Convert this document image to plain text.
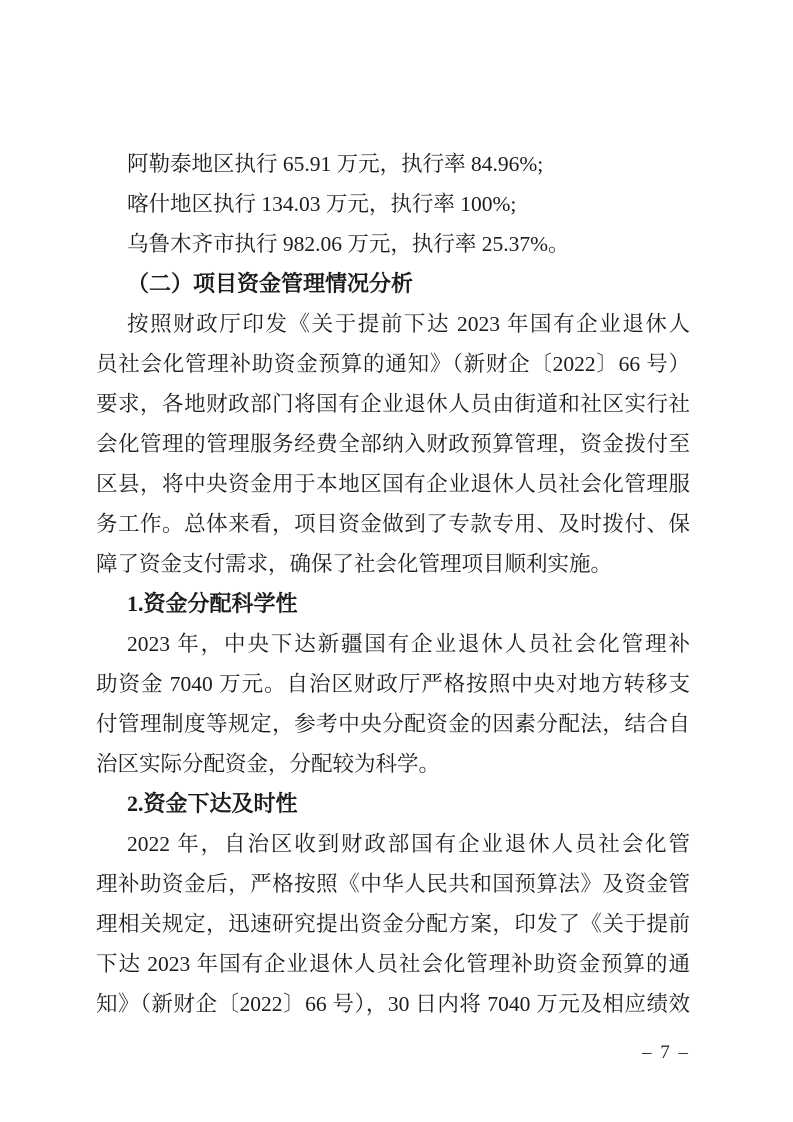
阿勒泰地区执行 65.91 万元，执行率 84.96%;
喀什地区执行 134.03 万元，执行率 100%;
乌鲁木齐市执行 982.06 万元，执行率 25.37%。
（二）项目资金管理情况分析
按照财政厅印发《关于提前下达 2023 年国有企业退休人
员社会化管理补助资金预算的通知》（新财企〔2022〕66 号）
要求，各地财政部门将国有企业退休人员由街道和社区实行社
会化管理的管理服务经费全部纳入财政预算管理，资金拨付至
区县，将中央资金用于本地区国有企业退休人员社会化管理服
务工作。总体来看，项目资金做到了专款专用、及时拨付、保
障了资金支付需求，确保了社会化管理项目顺利实施。
1.资金分配科学性
2023 年，中央下达新疆国有企业退休人员社会化管理补
助资金 7040 万元。自治区财政厅严格按照中央对地方转移支
付管理制度等规定，参考中央分配资金的因素分配法，结合自
治区实际分配资金，分配较为科学。
2.资金下达及时性
2022 年，自治区收到财政部国有企业退休人员社会化管
理补助资金后，严格按照《中华人民共和国预算法》及资金管
理相关规定，迅速研究提出资金分配方案，印发了《关于提前
下达 2023 年国有企业退休人员社会化管理补助资金预算的通
知》（新财企〔2022〕66 号），30 日内将 7040 万元及相应绩效
– 7 –
